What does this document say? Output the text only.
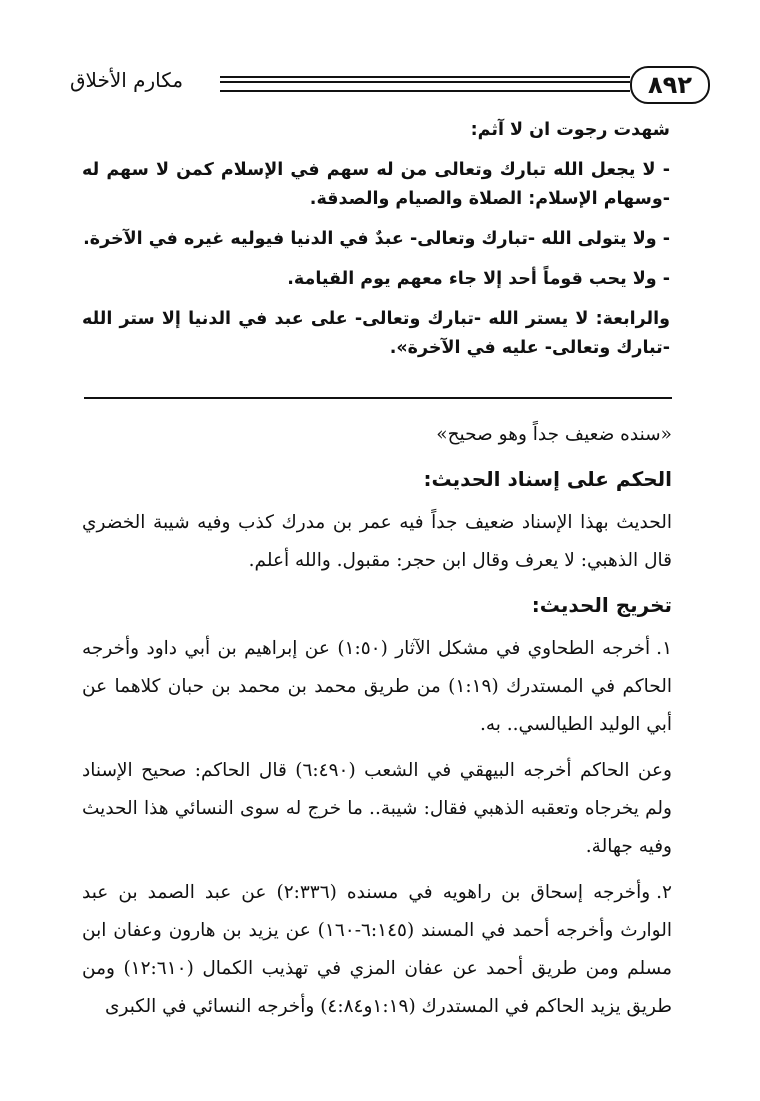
مكارم الأخلاق	٨٩٢

شهدت رجوت ان لا آثم:

- لا يجعل الله تبارك وتعالى من له سهم في الإسلام كمن لا سهم له -وسهام الإسلام: الصلاة والصيام والصدقة.

- ولا يتولى الله -تبارك وتعالى- عبدٌ في الدنيا فيوليه غيره في الآخرة.

- ولا يحب قوماً أحد إلا جاء معهم يوم القيامة.

والرابعة: لا يستر الله -تبارك وتعالى- على عبد في الدنيا إلا ستر الله -تبارك وتعالى- عليه في الآخرة».

«سنده ضعيف جداً وهو صحيح»

الحكم على إسناد الحديث:

الحديث بهذا الإسناد ضعيف جداً فيه عمر بن مدرك كذب وفيه شيبة الخضري قال الذهبي: لا يعرف وقال ابن حجر: مقبول. والله أعلم.

تخريج الحديث:

١.أخرجه الطحاوي في مشكل الآثار (١:٥٠) عن إبراهيم بن أبي داود وأخرجه الحاكم في المستدرك (١:١٩) من طريق محمد بن محمد بن حبان كلاهما عن أبي الوليد الطيالسي.. به.

وعن الحاكم أخرجه البيهقي في الشعب (٦:٤٩٠) قال الحاكم: صحيح الإسناد ولم يخرجاه وتعقبه الذهبي فقال: شيبة.. ما خرج له سوى النسائي هذا الحديث وفيه جهالة.

٢.وأخرجه إسحاق بن راهويه في مسنده (٢:٣٣٦) عن عبد الصمد بن عبد الوارث وأخرجه أحمد في المسند (٦:١٤٥-١٦٠) عن يزيد بن هارون وعفان ابن مسلم ومن طريق أحمد عن عفان المزي في تهذيب الكمال (١٢:٦١٠) ومن طريق يزيد الحاكم في المستدرك (١:١٩و٤:٨٤) وأخرجه النسائي في الكبرى
